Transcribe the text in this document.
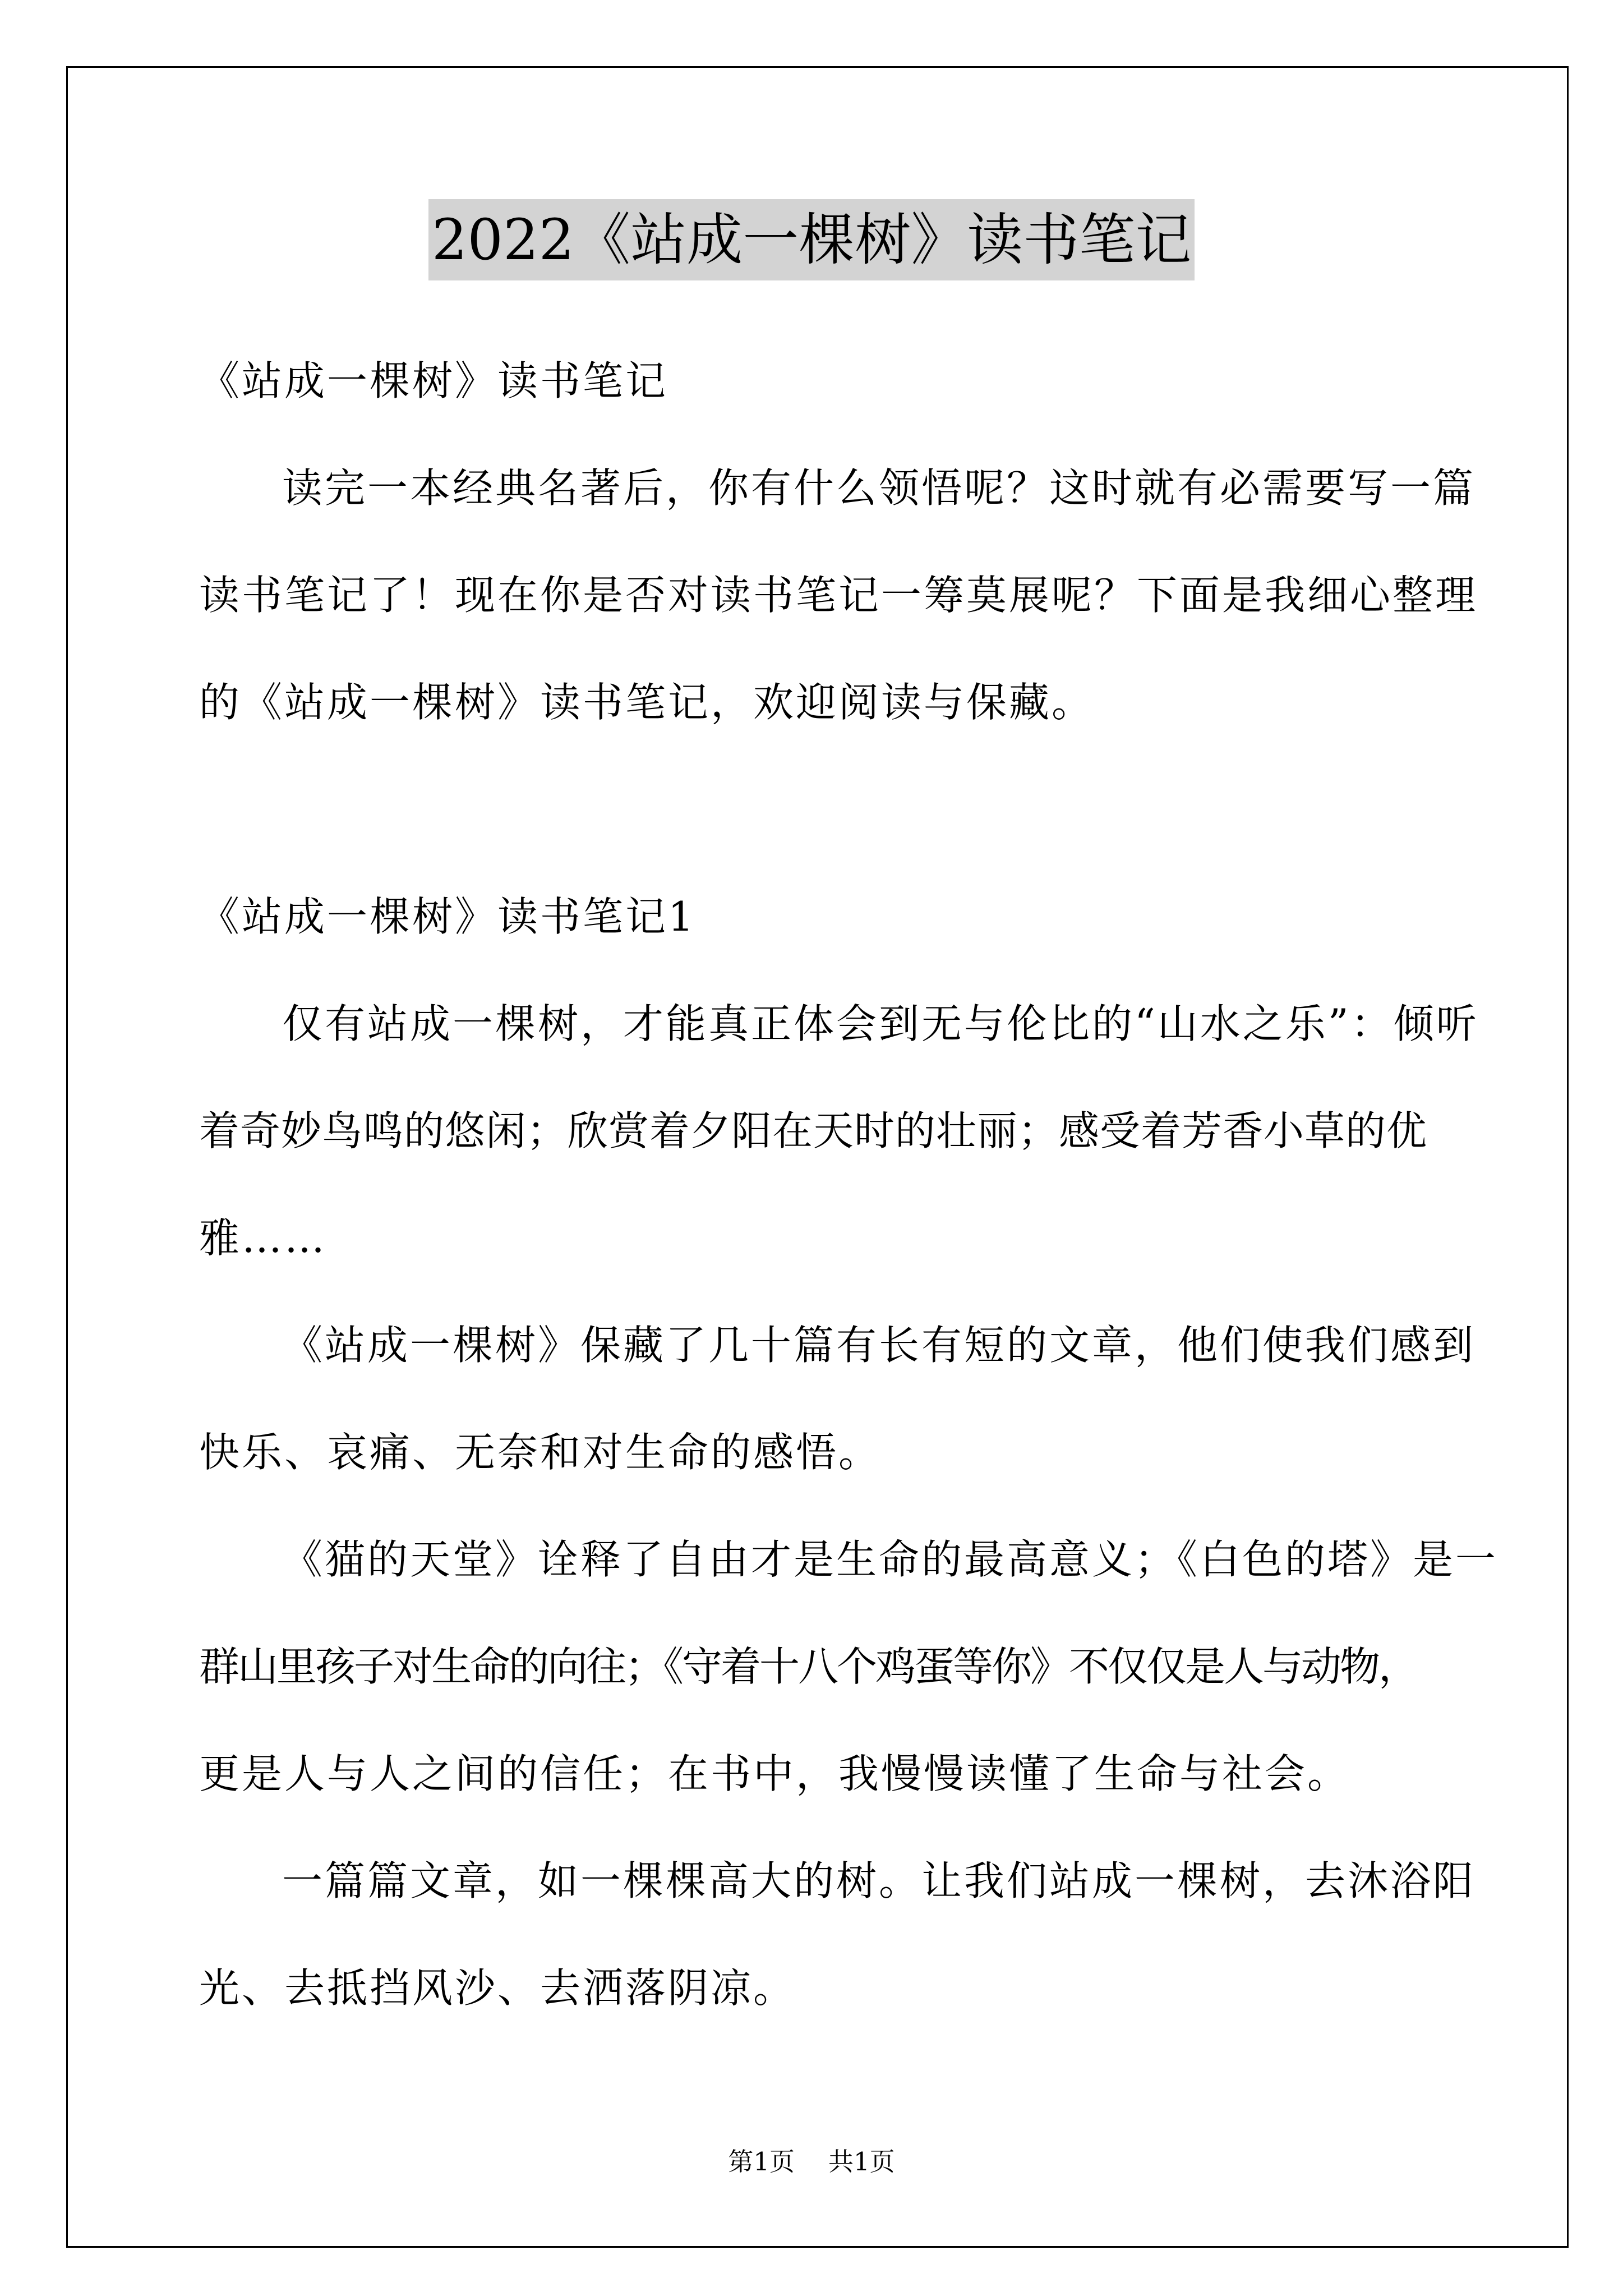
2022《站成一棵树》读书笔记
《站成一棵树》读书笔记
读完一本经典名著后，你有什么领悟呢？这时就有必需要写一篇
读书笔记了！现在你是否对读书笔记一筹莫展呢？下面是我细心整理
的《站成一棵树》读书笔记，欢迎阅读与保藏。
《站成一棵树》读书笔记1
仅有站成一棵树，才能真正体会到无与伦比的“山水之乐”：倾听
着奇妙鸟鸣的悠闲；欣赏着夕阳在天时的壮丽；感受着芳香小草的优
雅……
《站成一棵树》保藏了几十篇有长有短的文章，他们使我们感到
快乐、哀痛、无奈和对生命的感悟。
《猫的天堂》诠释了自由才是生命的最高意义；《白色的塔》是一
群山里孩子对生命的向往；《守着十八个鸡蛋等你》不仅仅是人与动物，
更是人与人之间的信任；在书中，我慢慢读懂了生命与社会。
一篇篇文章，如一棵棵高大的树。让我们站成一棵树，去沐浴阳
光、去抵挡风沙、去洒落阴凉。
第1页 共1页
